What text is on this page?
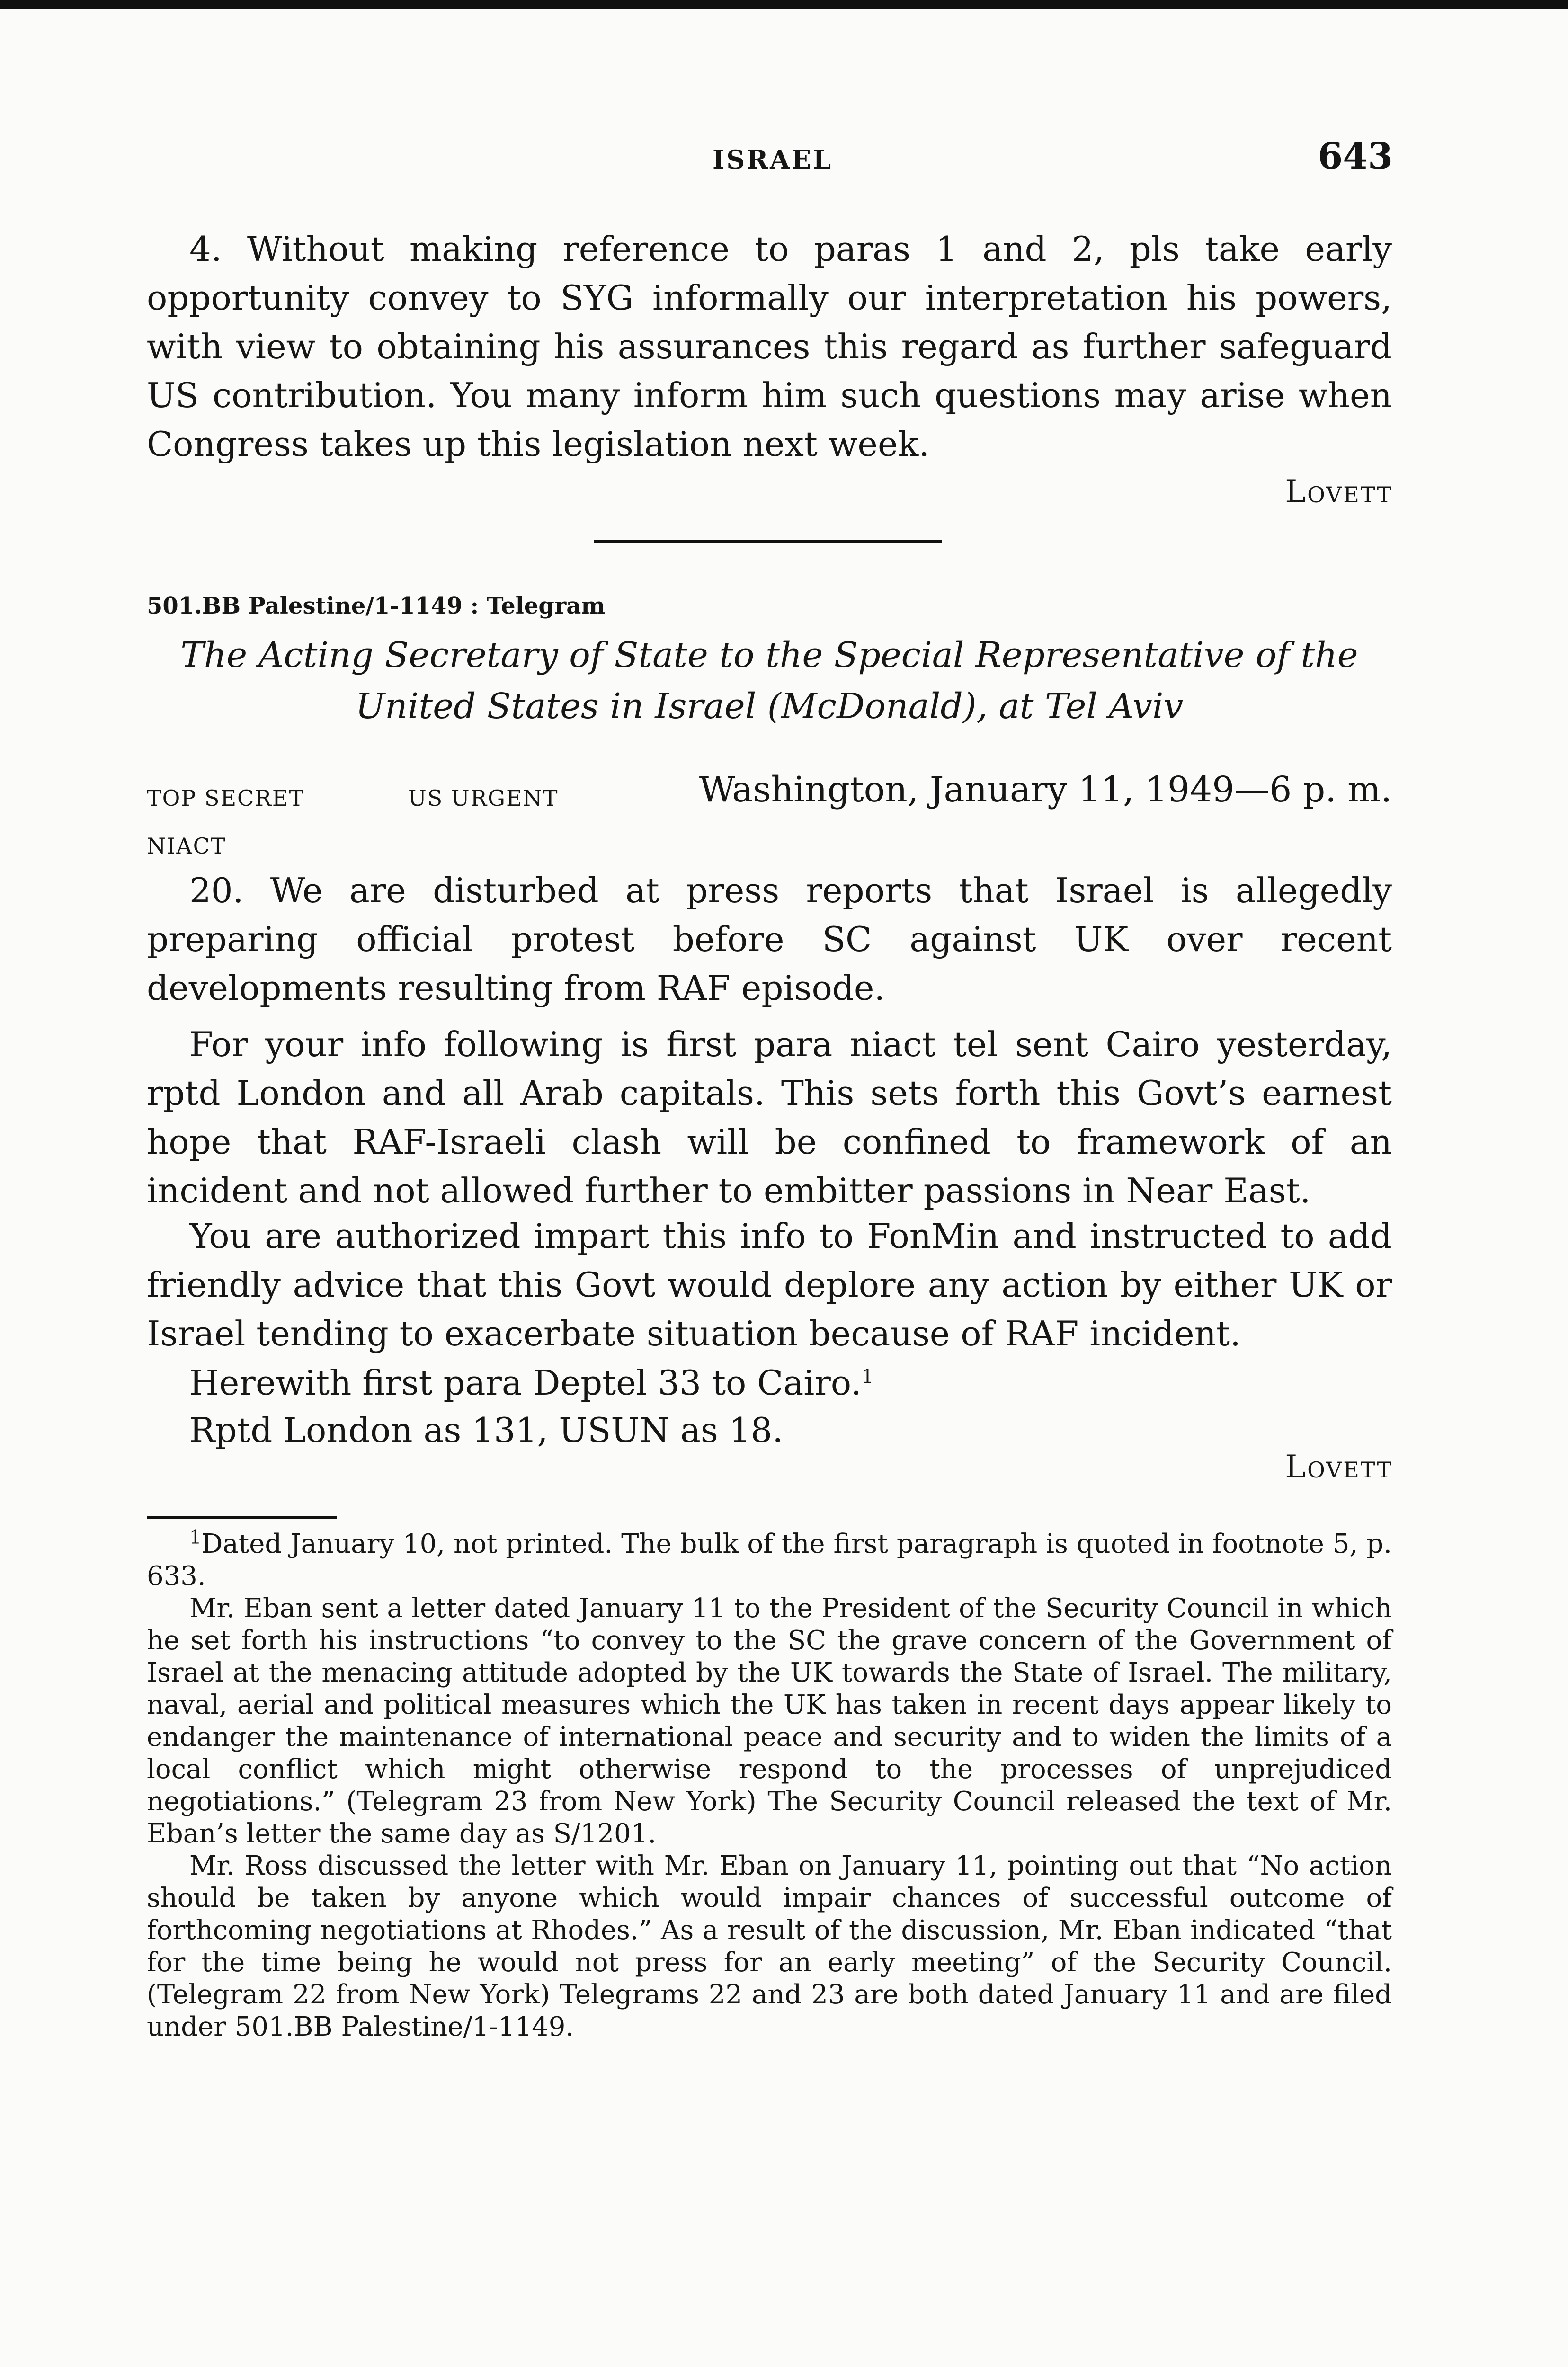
ISRAEL	643

4. Without making reference to paras 1 and 2, pls take early opportunity convey to SYG informally our interpretation his powers, with view to obtaining his assurances this regard as further safeguard US contribution. You many inform him such questions may arise when Congress takes up this legislation next week.

Lovett
501.BB Palestine/1-1149 : Telegram
The Acting Secretary of State to the Special Representative of the
United States in Israel (McDonald), at Tel Aviv
TOP SECRET	US URGENT	Washington, January 11, 1949—6 p. m.
NIACT

20. We are disturbed at press reports that Israel is allegedly preparing official protest before SC against UK over recent developments resulting from RAF episode.

For your info following is first para niact tel sent Cairo yesterday, rptd London and all Arab capitals. This sets forth this Govt’s earnest hope that RAF-Israeli clash will be confined to framework of an incident and not allowed further to embitter passions in Near East.

You are authorized impart this info to FonMin and instructed to add friendly advice that this Govt would deplore any action by either UK or Israel tending to exacerbate situation because of RAF incident.

Herewith first para Deptel 33 to Cairo.$^1$

Rptd London as 131, USUN as 18.

Lovett

$^1$Dated January 10, not printed. The bulk of the first paragraph is quoted in footnote 5, p. 633.

Mr. Eban sent a letter dated January 11 to the President of the Security Council in which he set forth his instructions “to convey to the SC the grave concern of the Government of Israel at the menacing attitude adopted by the UK towards the State of Israel. The military, naval, aerial and political measures which the UK has taken in recent days appear likely to endanger the maintenance of international peace and security and to widen the limits of a local conflict which might otherwise respond to the processes of unprejudiced negotiations.” (Telegram 23 from New York) The Security Council released the text of Mr. Eban’s letter the same day as S/1201.

Mr. Ross discussed the letter with Mr. Eban on January 11, pointing out that “No action should be taken by anyone which would impair chances of successful outcome of forthcoming negotiations at Rhodes.” As a result of the discussion, Mr. Eban indicated “that for the time being he would not press for an early meeting” of the Security Council. (Telegram 22 from New York) Telegrams 22 and 23 are both dated January 11 and are filed under 501.BB Palestine/1-1149.
